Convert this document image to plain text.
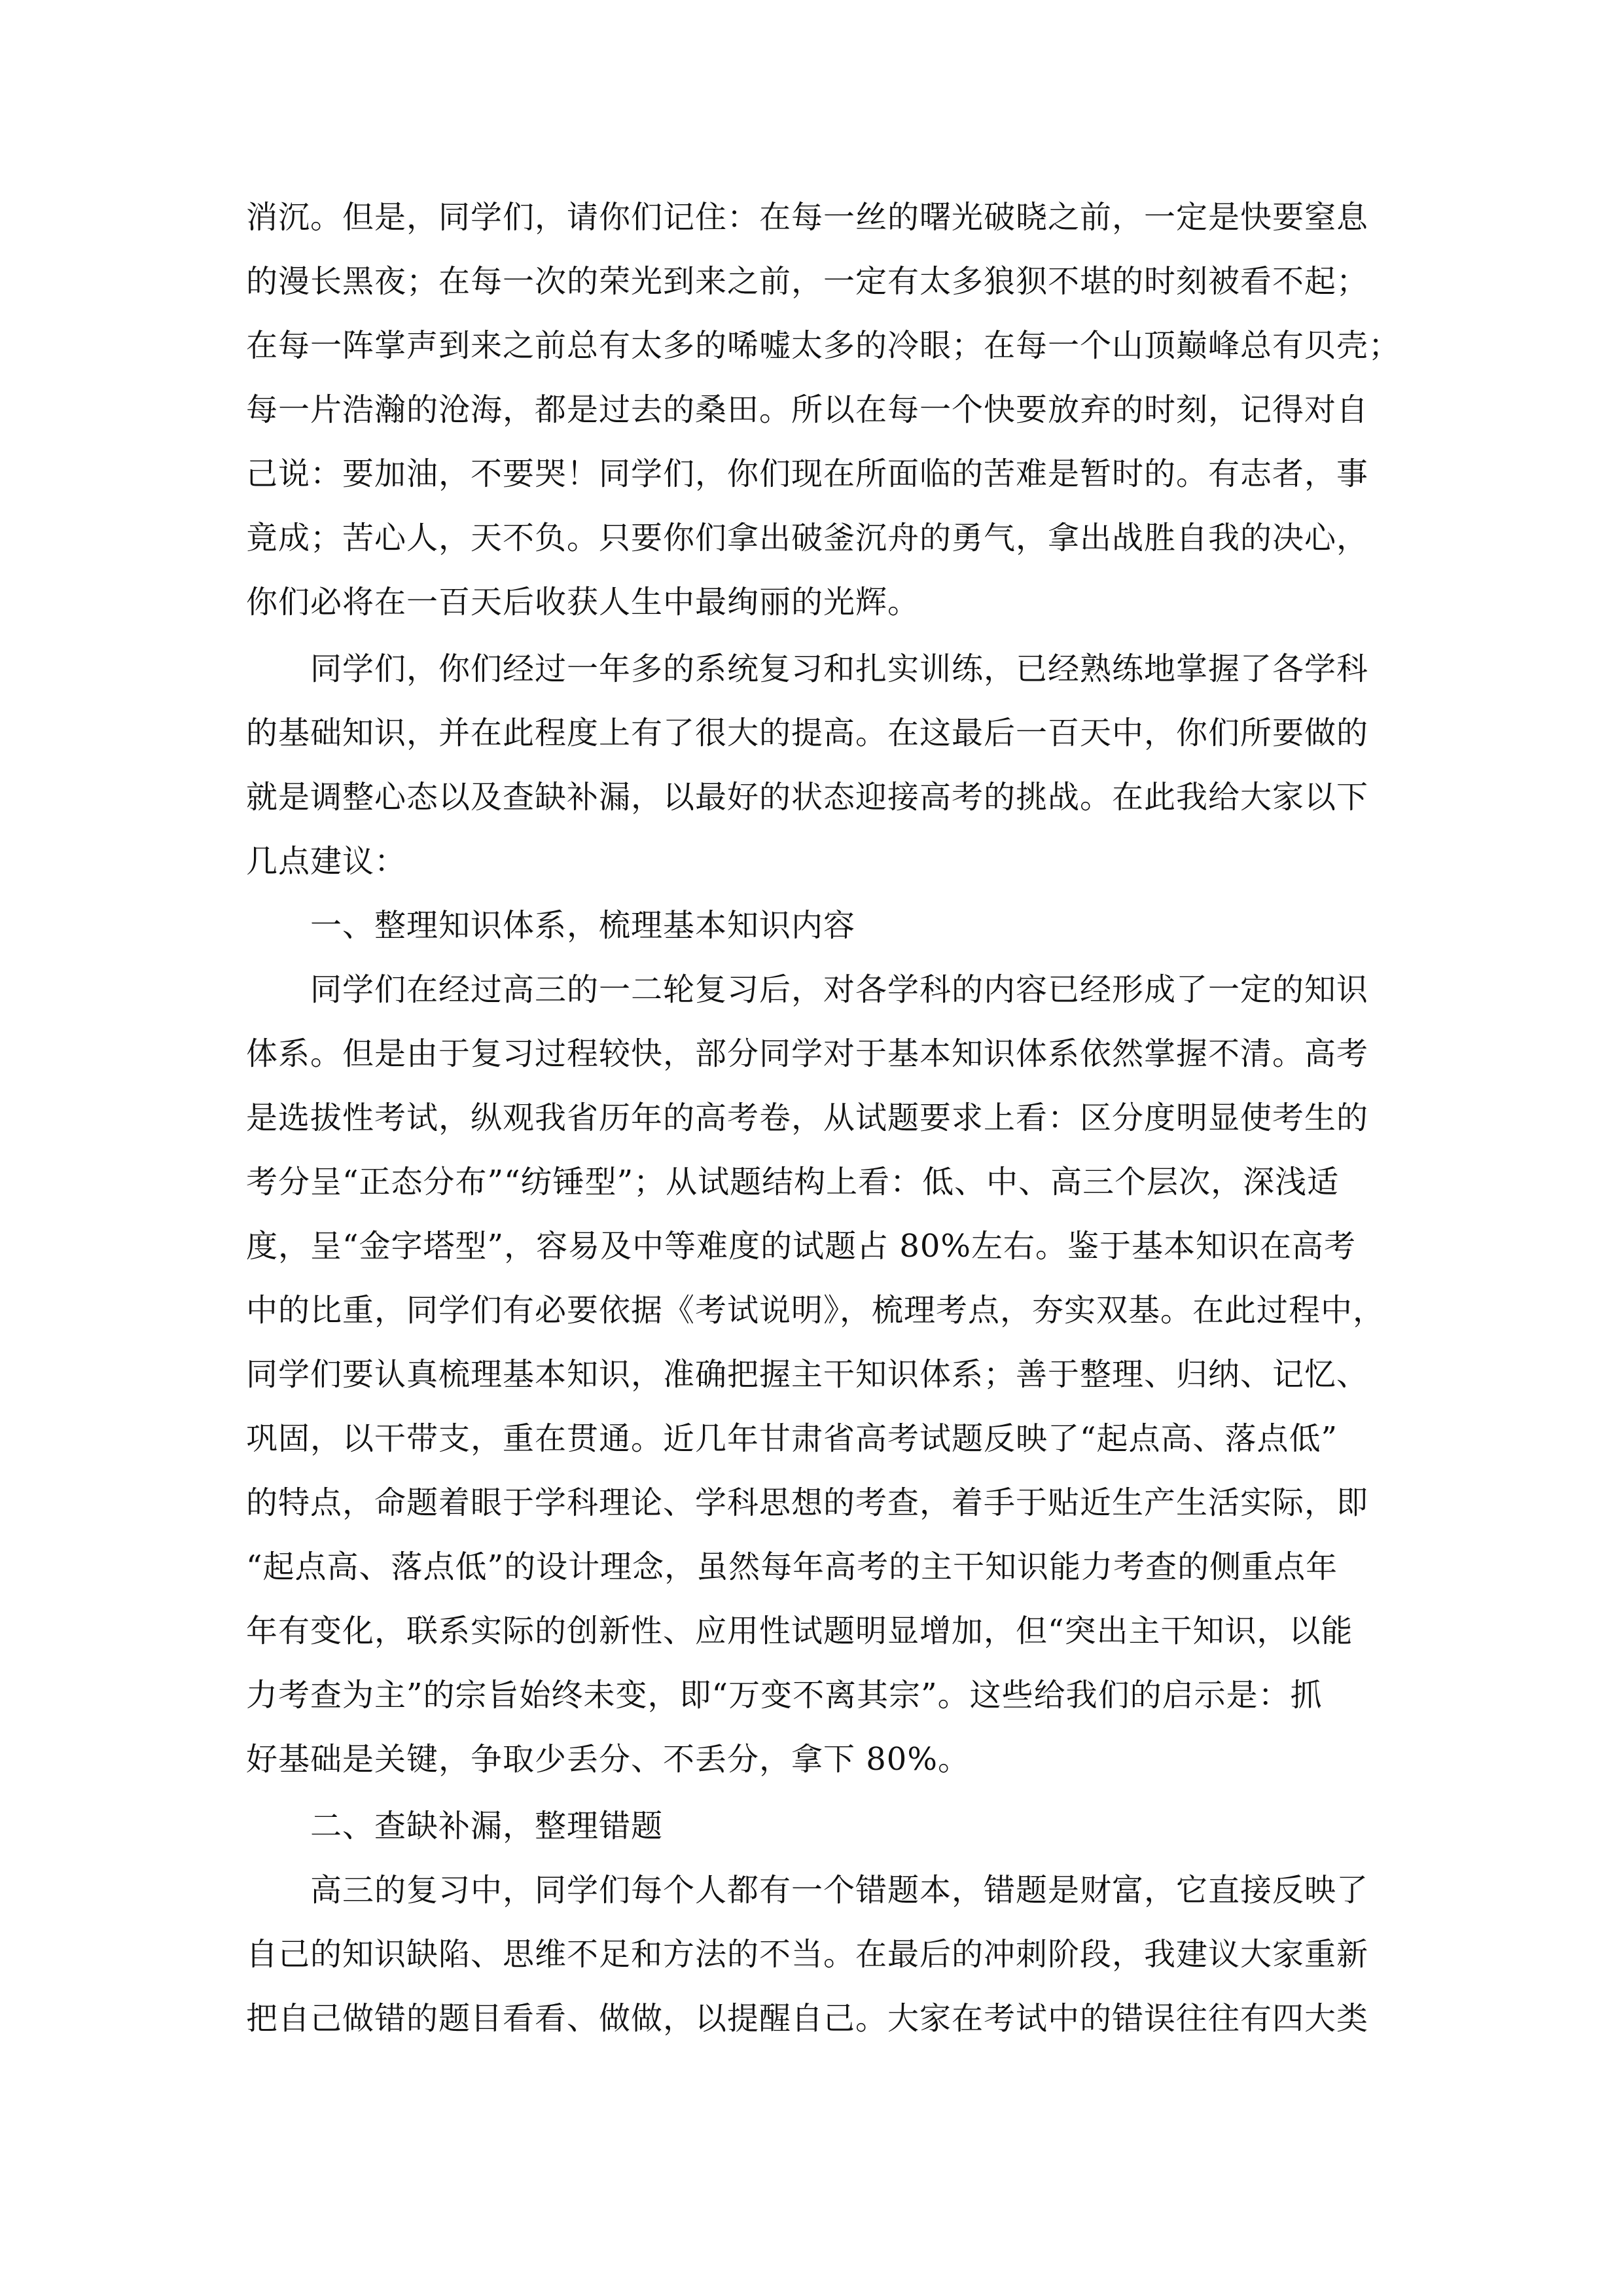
消沉。但是，同学们，请你们记住：在每一丝的曙光破晓之前，一定是快要窒息
的漫长黑夜；在每一次的荣光到来之前，一定有太多狼狈不堪的时刻被看不起；
在每一阵掌声到来之前总有太多的唏嘘太多的冷眼；在每一个山顶巅峰总有贝壳；
每一片浩瀚的沧海，都是过去的桑田。所以在每一个快要放弃的时刻，记得对自
己说：要加油，不要哭！同学们，你们现在所面临的苦难是暂时的。有志者，事
竟成；苦心人，天不负。只要你们拿出破釜沉舟的勇气，拿出战胜自我的决心，
你们必将在一百天后收获人生中最绚丽的光辉。
同学们，你们经过一年多的系统复习和扎实训练，已经熟练地掌握了各学科
的基础知识，并在此程度上有了很大的提高。在这最后一百天中，你们所要做的
就是调整心态以及查缺补漏，以最好的状态迎接高考的挑战。在此我给大家以下
几点建议：
一、整理知识体系，梳理基本知识内容
同学们在经过高三的一二轮复习后，对各学科的内容已经形成了一定的知识
体系。但是由于复习过程较快，部分同学对于基本知识体系依然掌握不清。高考
是选拔性考试，纵观我省历年的高考卷，从试题要求上看：区分度明显使考生的
考分呈“正态分布”“纺锤型”；从试题结构上看：低、中、高三个层次，深浅适
度，呈“金字塔型”，容易及中等难度的试题占 80%左右。鉴于基本知识在高考
中的比重，同学们有必要依据《考试说明》，梳理考点，夯实双基。在此过程中，
同学们要认真梳理基本知识，准确把握主干知识体系；善于整理、归纳、记忆、
巩固，以干带支，重在贯通。近几年甘肃省高考试题反映了“起点高、落点低”
的特点，命题着眼于学科理论、学科思想的考查，着手于贴近生产生活实际，即
“起点高、落点低”的设计理念，虽然每年高考的主干知识能力考查的侧重点年
年有变化，联系实际的创新性、应用性试题明显增加，但“突出主干知识，以能
力考查为主”的宗旨始终未变，即“万变不离其宗”。这些给我们的启示是：抓
好基础是关键，争取少丢分、不丢分，拿下 80%。
二、查缺补漏，整理错题
高三的复习中，同学们每个人都有一个错题本，错题是财富，它直接反映了
自己的知识缺陷、思维不足和方法的不当。在最后的冲刺阶段，我建议大家重新
把自己做错的题目看看、做做，以提醒自己。大家在考试中的错误往往有四大类
